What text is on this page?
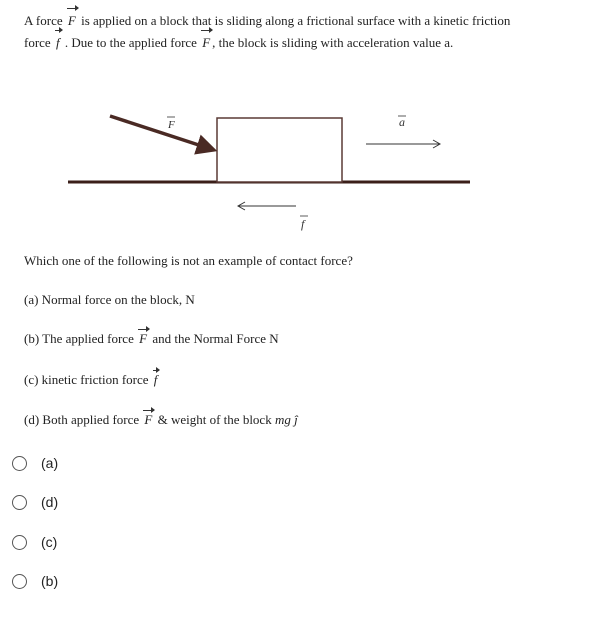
A force F is applied on a block that is sliding along a frictional surface with a kinetic friction
force f . Due to the applied force F , the block is sliding with acceleration value a.
F	a
f
Which one of the following is not an example of contact force?
(a) Normal force on the block, N
(b) The applied force F and the Normal Force N
(c) kinetic friction force f
(d) Both applied force F & weight of the block mg ĵ
(a)
(d)
(c)
(b)
